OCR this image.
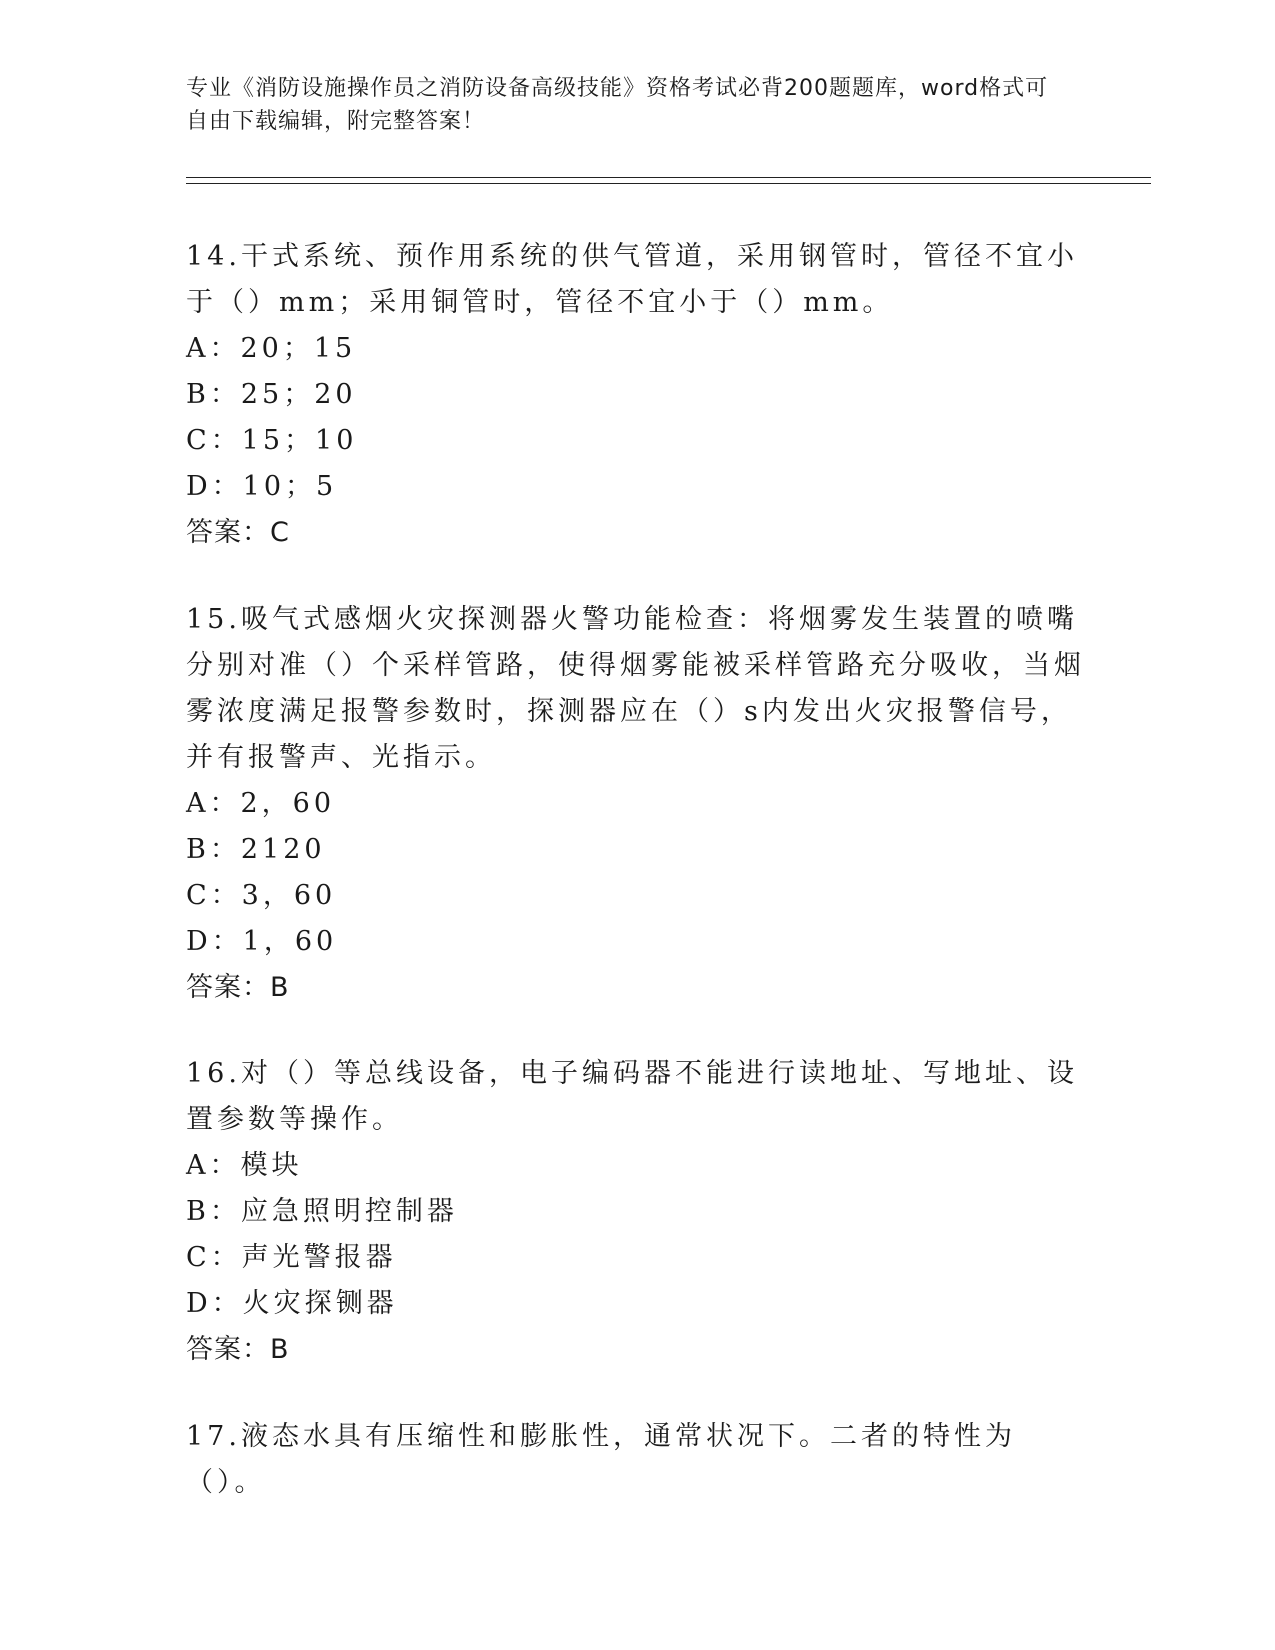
专业《消防设施操作员之消防设备高级技能》资格考试必背200题题库，word格式可自由下载编辑，附完整答案！

14.干式系统、预作用系统的供气管道，采用钢管时，管径不宜小于（）mm；采用铜管时，管径不宜小于（）mm。

A：20；15

B：25；20

C：15；10

D：10；5

答案：C

15.吸气式感烟火灾探测器火警功能检查：将烟雾发生装置的喷嘴分别对准（）个采样管路，使得烟雾能被采样管路充分吸收，当烟雾浓度满足报警参数时，探测器应在（）s内发出火灾报警信号，并有报警声、光指示。

A：2，60

B：2120

C：3，60

D：1，60

答案：B

16.对（）等总线设备，电子编码器不能进行读地址、写地址、设置参数等操作。

A：模块

B：应急照明控制器

C：声光警报器

D：火灾探铡器

答案：B

17.液态水具有压缩性和膨胀性，通常状况下。二者的特性为（）。
